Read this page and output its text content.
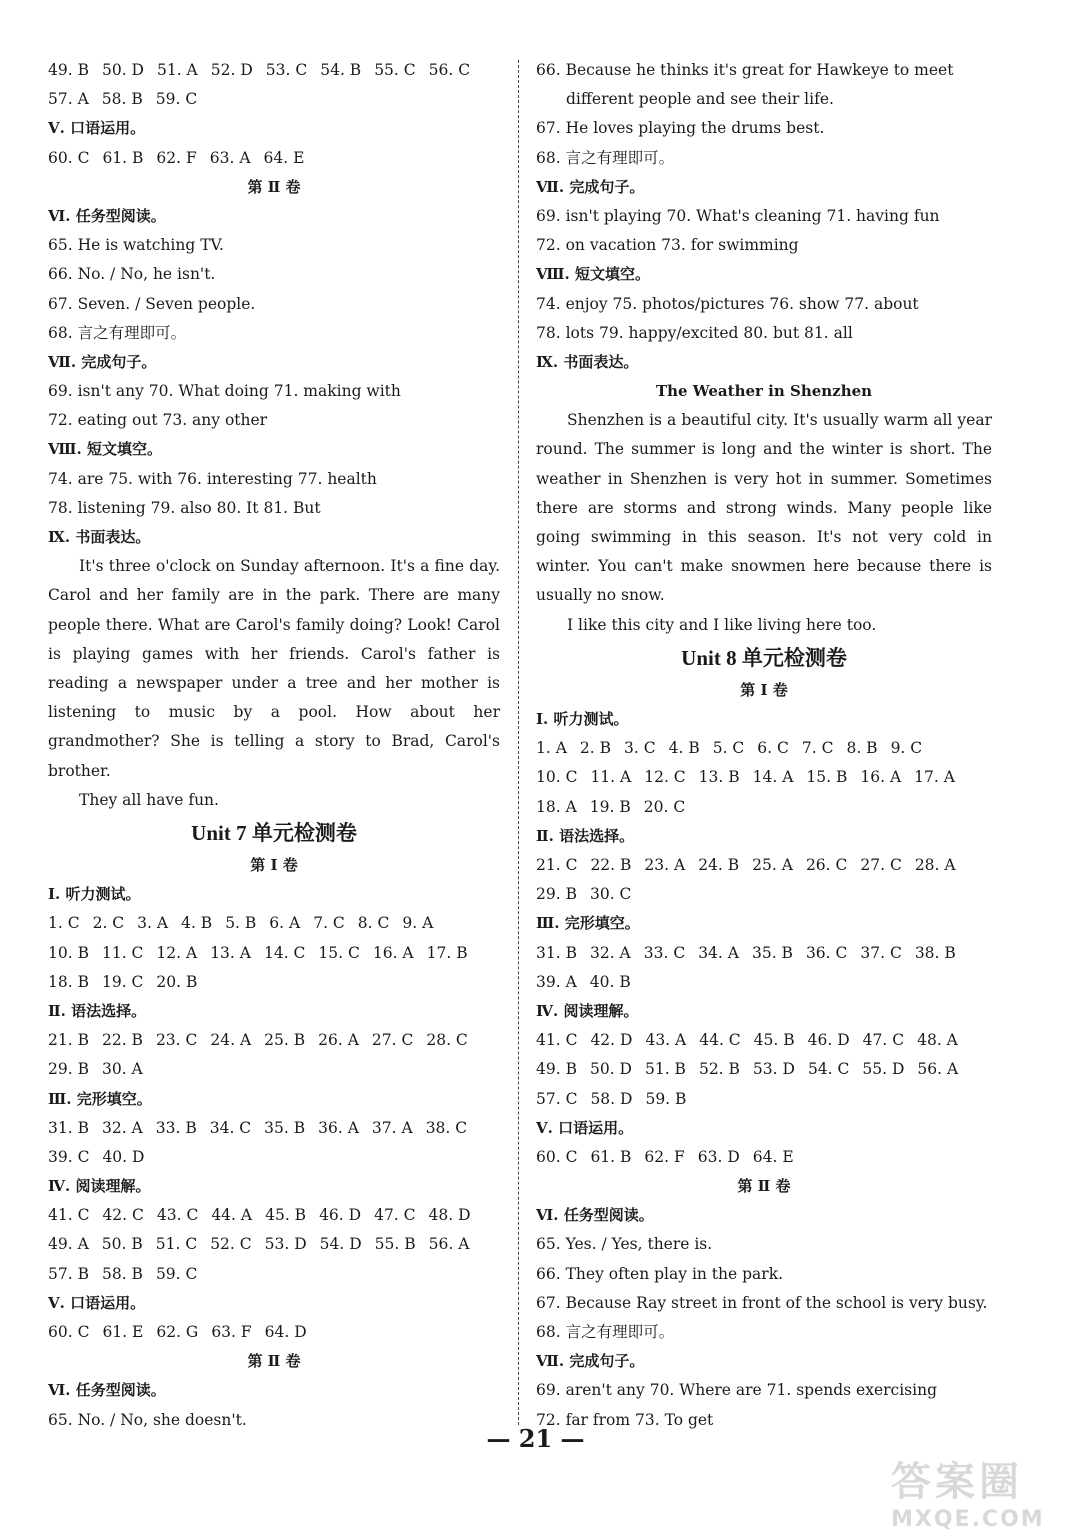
49. B 50. D 51. A 52. D 53. C 54. B 55. C 56. C
57. A 58. B 59. C
Ⅴ. 口语运用。
60. C 61. B 62. F 63. A 64. E
第 Ⅱ 卷
Ⅵ. 任务型阅读。
65. He is watching TV.
66. No. / No, he isn't.
67. Seven. / Seven people.
68. 言之有理即可。
Ⅶ. 完成句子。
69. isn't any 70. What doing 71. making with
72. eating out 73. any other
Ⅷ. 短文填空。
74. are 75. with 76. interesting 77. health
78. listening 79. also 80. It 81. But
Ⅸ. 书面表达。

It's three o'clock on Sunday afternoon. It's a fine day. Carol and her family are in the park. There are many people there. What are Carol's family doing? Look! Carol is playing games with her friends. Carol's father is reading a newspaper under a tree and her mother is listening to music by a pool. How about her grandmother? She is telling a story to Brad, Carol's brother.

They all have fun.

Unit 7 单元检测卷
第 Ⅰ 卷
Ⅰ. 听力测试。
1. C 2. C 3. A 4. B 5. B 6. A 7. C 8. C 9. A
10. B 11. C 12. A 13. A 14. C 15. C 16. A 17. B
18. B 19. C 20. B
Ⅱ. 语法选择。
21. B 22. B 23. C 24. A 25. B 26. A 27. C 28. C
29. B 30. A
Ⅲ. 完形填空。
31. B 32. A 33. B 34. C 35. B 36. A 37. A 38. C
39. C 40. D
Ⅳ. 阅读理解。
41. C 42. C 43. C 44. A 45. B 46. D 47. C 48. D
49. A 50. B 51. C 52. C 53. D 54. D 55. B 56. A
57. B 58. B 59. C
Ⅴ. 口语运用。
60. C 61. E 62. G 63. F 64. D
第 Ⅱ 卷
Ⅵ. 任务型阅读。
65. No. / No, she doesn't.
66. Because he thinks it's great for Hawkeye to meet
different people and see their life.
67. He loves playing the drums best.
68. 言之有理即可。
Ⅶ. 完成句子。
69. isn't playing 70. What's cleaning 71. having fun
72. on vacation 73. for swimming
Ⅷ. 短文填空。
74. enjoy 75. photos/pictures 76. show 77. about
78. lots 79. happy/excited 80. but 81. all
Ⅸ. 书面表达。
The Weather in Shenzhen

Shenzhen is a beautiful city. It's usually warm all year round. The summer is long and the winter is short. The weather in Shenzhen is very hot in summer. Sometimes there are storms and strong winds. Many people like going swimming in this season. It's not very cold in winter. You can't make snowmen here because there is usually no snow.

I like this city and I like living here too.

Unit 8 单元检测卷
第 Ⅰ 卷
Ⅰ. 听力测试。
1. A 2. B 3. C 4. B 5. C 6. C 7. C 8. B 9. C
10. C 11. A 12. C 13. B 14. A 15. B 16. A 17. A
18. A 19. B 20. C
Ⅱ. 语法选择。
21. C 22. B 23. A 24. B 25. A 26. C 27. C 28. A
29. B 30. C
Ⅲ. 完形填空。
31. B 32. A 33. C 34. A 35. B 36. C 37. C 38. B
39. A 40. B
Ⅳ. 阅读理解。
41. C 42. D 43. A 44. C 45. B 46. D 47. C 48. A
49. B 50. D 51. B 52. B 53. D 54. C 55. D 56. A
57. C 58. D 59. B
Ⅴ. 口语运用。
60. C 61. B 62. F 63. D 64. E
第 Ⅱ 卷
Ⅵ. 任务型阅读。
65. Yes. / Yes, there is.
66. They often play in the park.
67. Because Ray street in front of the school is very busy.
68. 言之有理即可。
Ⅶ. 完成句子。
69. aren't any 70. Where are 71. spends exercising
72. far from 73. To get
— 21 —
答案圈
MXQE.COM
